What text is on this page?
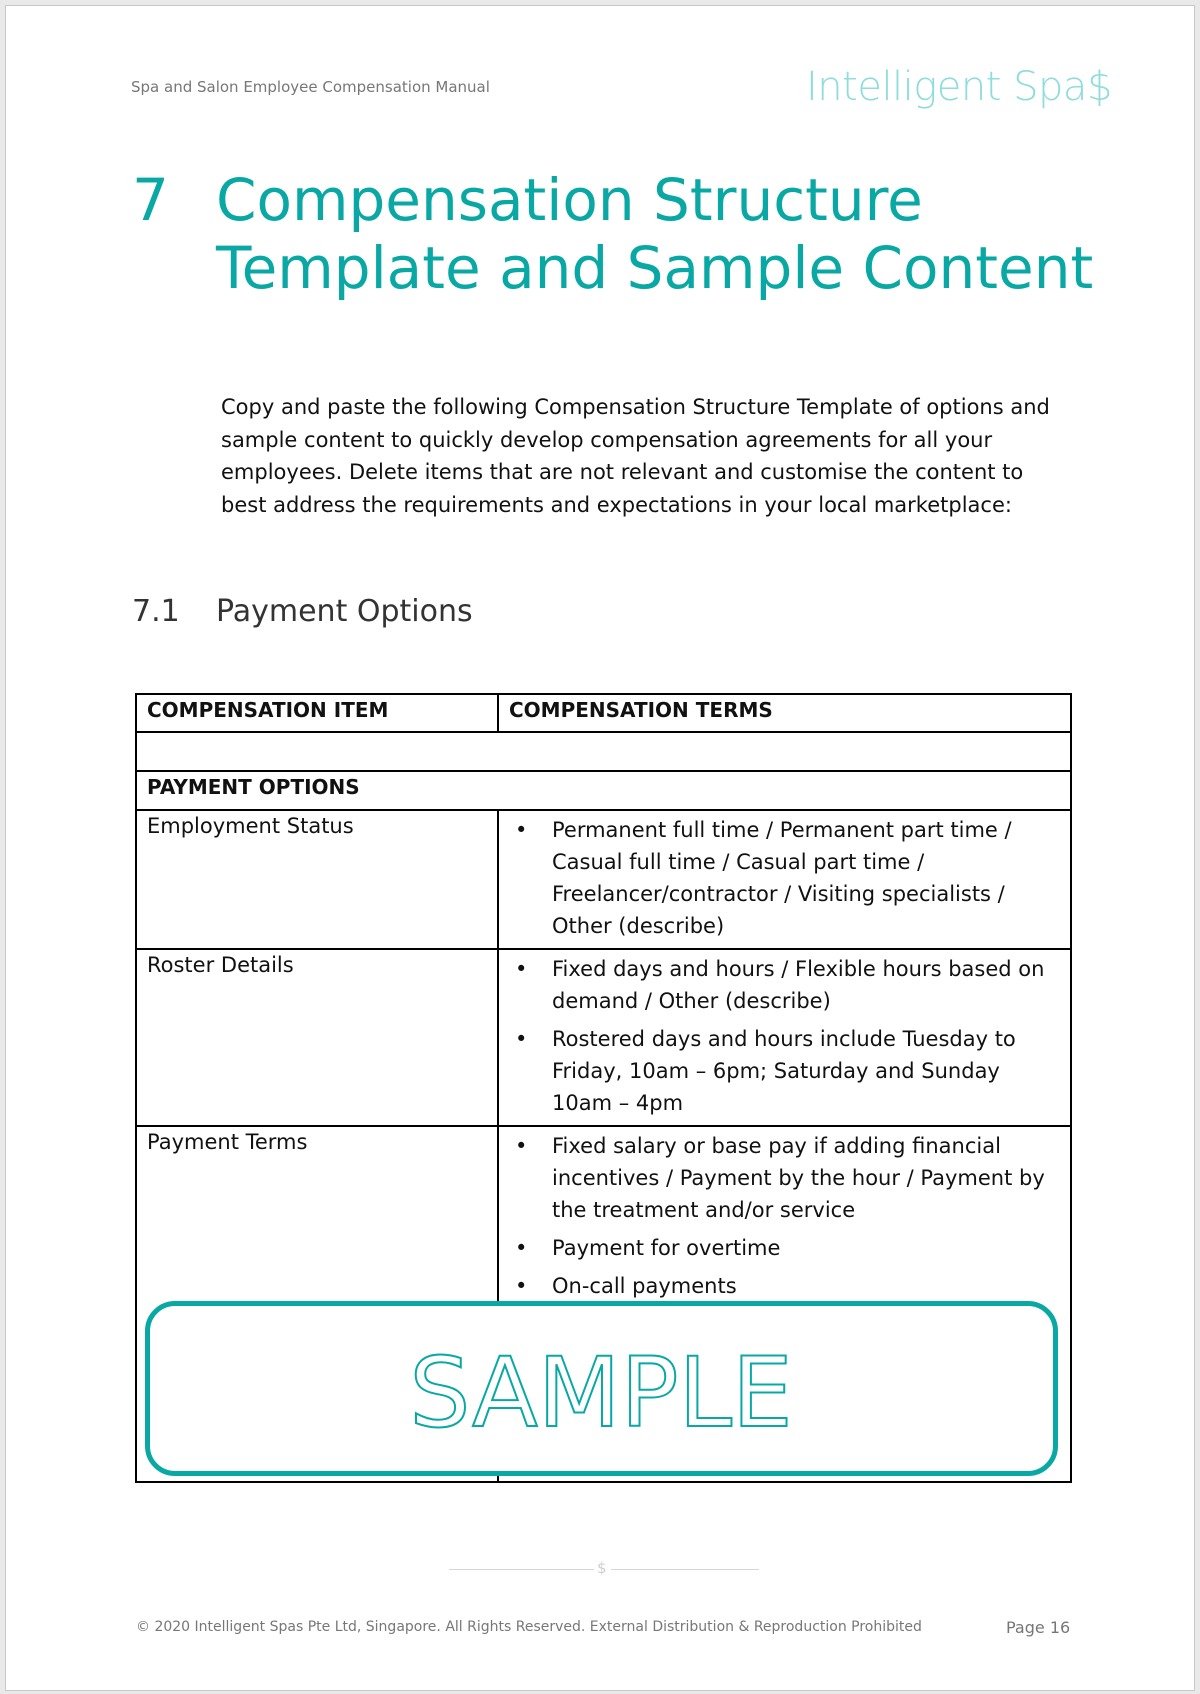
Spa and Salon Employee Compensation Manual	Intelligent Spa$
7 Compensation Structure Template and Sample Content
Copy and paste the following Compensation Structure Template of options and sample content to quickly develop compensation agreements for all your employees. Delete items that are not relevant and customise the content to best address the requirements and expectations in your local marketplace:
7.1 Payment Options
COMPENSATION ITEM	COMPENSATION TERMS

PAYMENT OPTIONS	
Employment Status	
•Permanent full time / Permanent part time / Casual full time / Casual part time / Freelancer/contractor / Visiting specialists / Other (describe)

Roster Details	
•Fixed days and hours / Flexible hours based on demand / Other (describe)
• Rostered days and hours include Tuesday to Friday, 10am – 6pm; Saturday and Sunday 10am – 4pm

Payment Terms	
•Fixed salary or base pay if adding financial incentives / Payment by the hour / Payment by the treatment and/or service
• Payment for overtime
• On-call payments
SAMPLE
$
© 2020 Intelligent Spas Pte Ltd, Singapore. All Rights Reserved. External Distribution & Reproduction Prohibited	Page 16
